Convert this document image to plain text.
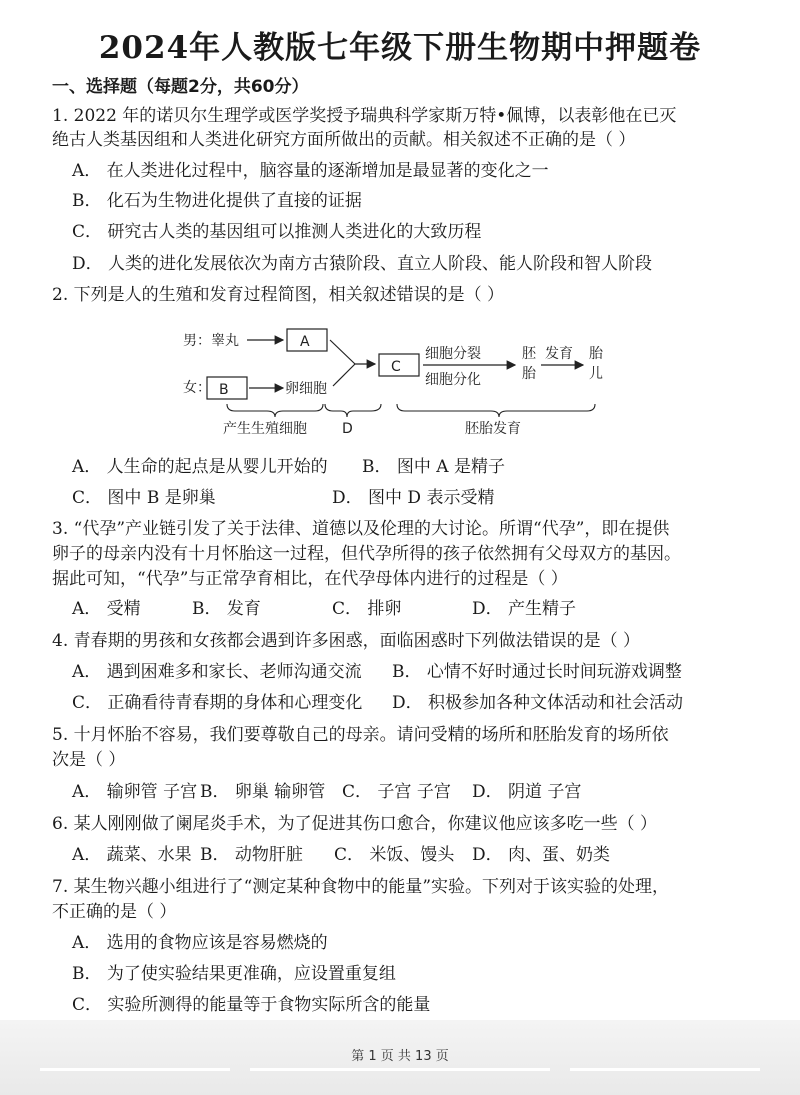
2024年人教版七年级下册生物期中押题卷
一、选择题（每题2分，共60分）
1. 2022 年的诺贝尔生理学或医学奖授予瑞典科学家斯万特•佩博，以表彰他在已灭
绝古人类基因组和人类进化研究方面所做出的贡献。相关叙述不正确的是（ ）
A． 在人类进化过程中，脑容量的逐渐增加是最显著的变化之一
B． 化石为生物进化提供了直接的证据
C． 研究古人类的基因组可以推测人类进化的大致历程
D． 人类的进化发展依次为南方古猿阶段、直立人阶段、能人阶段和智人阶段
2. 下列是人的生殖和发育过程简图，相关叙述错误的是（ ）
男：睾丸	A
女： B	卵细胞
C
细胞分裂
细胞分化
胚
胎
发育 胎
儿
产生生殖细胞	D	胚胎发育
A． 人生命的起点是从婴儿开始的 B． 图中 A 是精子
C． 图中 B 是卵巢	D． 图中 D 表示受精
3. “代孕”产业链引发了关于法律、道德以及伦理的大讨论。所谓“代孕”，即在提供
卵子的母亲内没有十月怀胎这一过程，但代孕所得的孩子依然拥有父母双方的基因。
据此可知，“代孕”与正常孕育相比，在代孕母体内进行的过程是（ ）
A． 受精	B． 发育	C． 排卵	D． 产生精子
4. 青春期的男孩和女孩都会遇到许多困惑，面临困惑时下列做法错误的是（ ）
A． 遇到困难多和家长、老师沟通交流 B． 心情不好时通过长时间玩游戏调整
C． 正确看待青春期的身体和心理变化 D． 积极参加各种文体活动和社会活动
5. 十月怀胎不容易，我们要尊敬自己的母亲。请问受精的场所和胚胎发育的场所依
次是（ ）
A． 输卵管 子宫 B． 卵巢 输卵管 C． 子宫 子宫 D． 阴道 子宫
6. 某人刚刚做了阑尾炎手术，为了促进其伤口愈合，你建议他应该多吃一些（ ）
A． 蔬菜、水果 B． 动物肝脏 C． 米饭、馒头 D． 肉、蛋、奶类
7. 某生物兴趣小组进行了“测定某种食物中的能量”实验。下列对于该实验的处理，
不正确的是（ ）
A． 选用的食物应该是容易燃烧的
B． 为了使实验结果更准确，应设置重复组
C． 实验所测得的能量等于食物实际所含的能量
第 1 页 共 13 页
